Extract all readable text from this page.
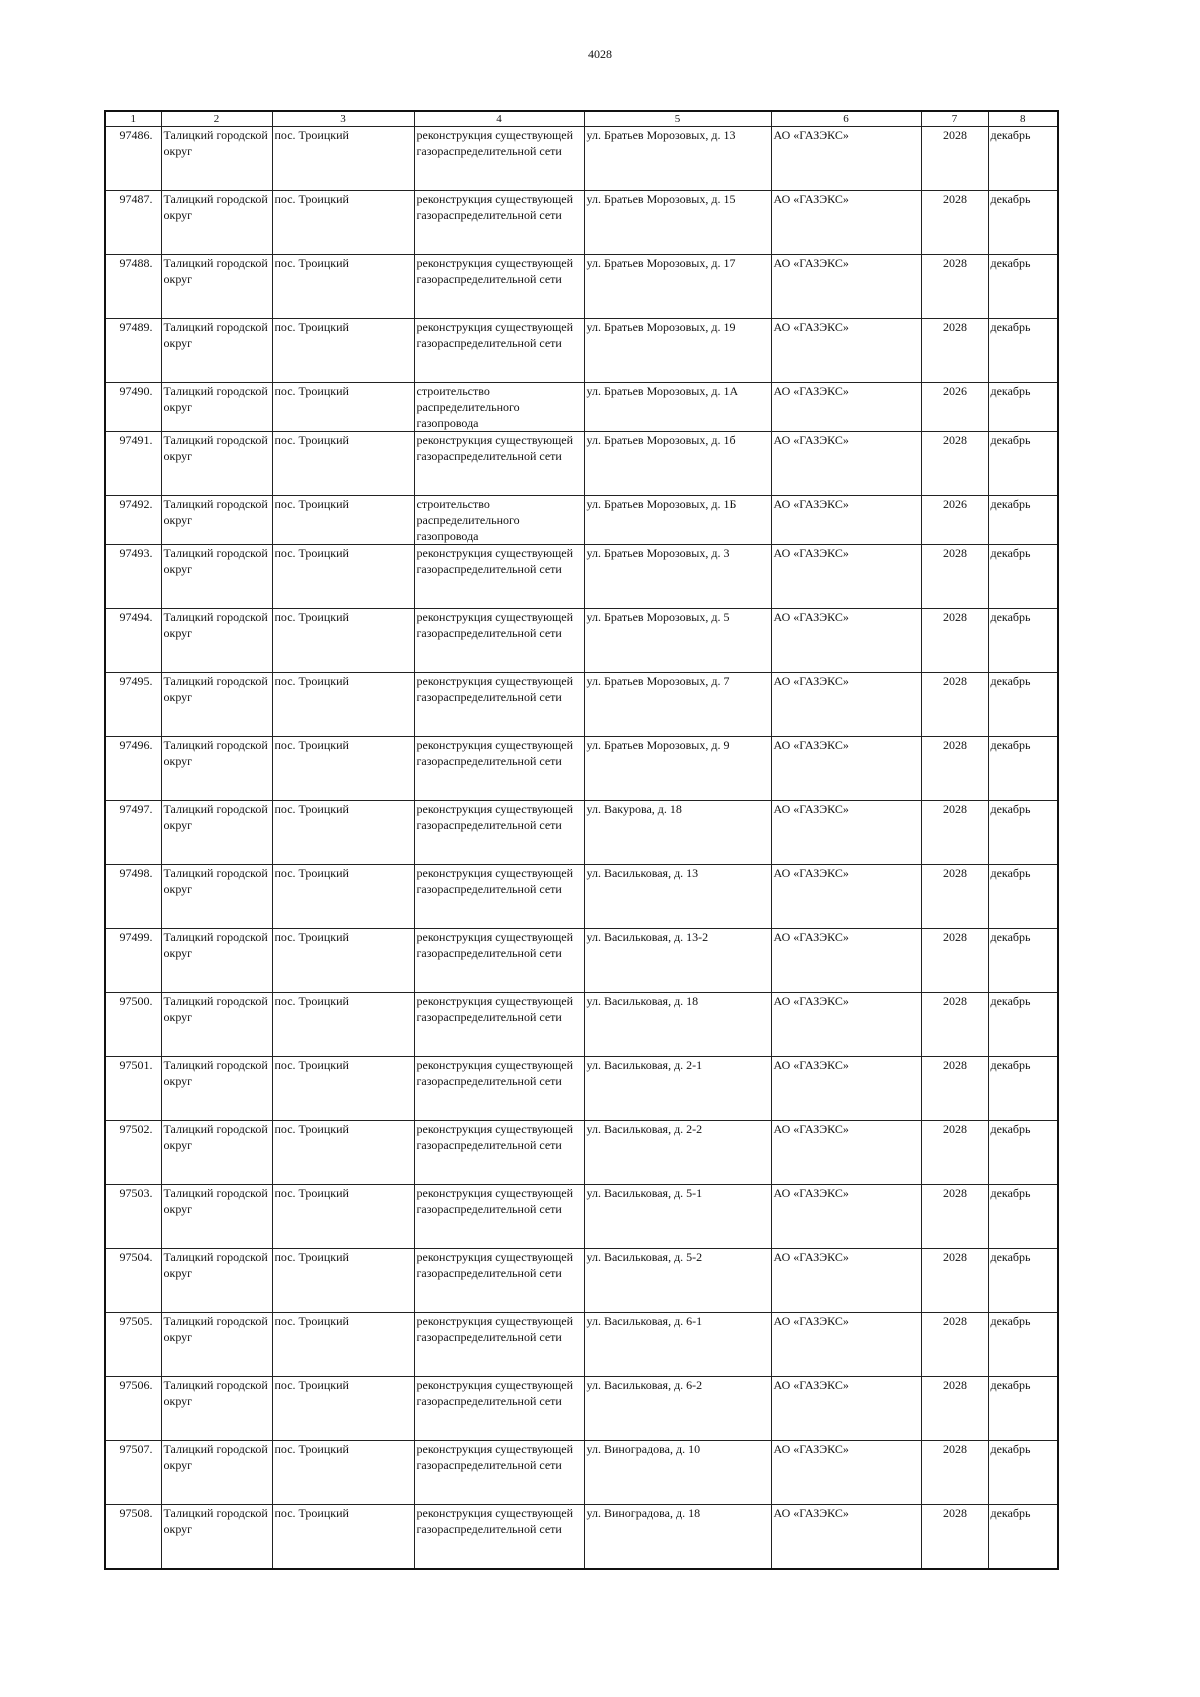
4028
1	2	3	4	5	6	7	8
97486.	Талицкий городской округ	пос. Троицкий	реконструкция существующей газораспределительной сети	ул. Братьев Морозовых, д. 13	АО «ГАЗЭКС»	2028	декабрь
97487.	Талицкий городской округ	пос. Троицкий	реконструкция существующей газораспределительной сети	ул. Братьев Морозовых, д. 15	АО «ГАЗЭКС»	2028	декабрь
97488.	Талицкий городской округ	пос. Троицкий	реконструкция существующей газораспределительной сети	ул. Братьев Морозовых, д. 17	АО «ГАЗЭКС»	2028	декабрь
97489.	Талицкий городской округ	пос. Троицкий	реконструкция существующей газораспределительной сети	ул. Братьев Морозовых, д. 19	АО «ГАЗЭКС»	2028	декабрь
97490.	Талицкий городской округ	пос. Троицкий	строительство распределительного газопровода	ул. Братьев Морозовых, д. 1А	АО «ГАЗЭКС»	2026	декабрь
97491.	Талицкий городской округ	пос. Троицкий	реконструкция существующей газораспределительной сети	ул. Братьев Морозовых, д. 1б	АО «ГАЗЭКС»	2028	декабрь
97492.	Талицкий городской округ	пос. Троицкий	строительство распределительного газопровода	ул. Братьев Морозовых, д. 1Б	АО «ГАЗЭКС»	2026	декабрь
97493.	Талицкий городской округ	пос. Троицкий	реконструкция существующей газораспределительной сети	ул. Братьев Морозовых, д. 3	АО «ГАЗЭКС»	2028	декабрь
97494.	Талицкий городской округ	пос. Троицкий	реконструкция существующей газораспределительной сети	ул. Братьев Морозовых, д. 5	АО «ГАЗЭКС»	2028	декабрь
97495.	Талицкий городской округ	пос. Троицкий	реконструкция существующей газораспределительной сети	ул. Братьев Морозовых, д. 7	АО «ГАЗЭКС»	2028	декабрь
97496.	Талицкий городской округ	пос. Троицкий	реконструкция существующей газораспределительной сети	ул. Братьев Морозовых, д. 9	АО «ГАЗЭКС»	2028	декабрь
97497.	Талицкий городской округ	пос. Троицкий	реконструкция существующей газораспределительной сети	ул. Вакурова, д. 18	АО «ГАЗЭКС»	2028	декабрь
97498.	Талицкий городской округ	пос. Троицкий	реконструкция существующей газораспределительной сети	ул. Васильковая, д. 13	АО «ГАЗЭКС»	2028	декабрь
97499.	Талицкий городской округ	пос. Троицкий	реконструкция существующей газораспределительной сети	ул. Васильковая, д. 13-2	АО «ГАЗЭКС»	2028	декабрь
97500.	Талицкий городской округ	пос. Троицкий	реконструкция существующей газораспределительной сети	ул. Васильковая, д. 18	АО «ГАЗЭКС»	2028	декабрь
97501.	Талицкий городской округ	пос. Троицкий	реконструкция существующей газораспределительной сети	ул. Васильковая, д. 2-1	АО «ГАЗЭКС»	2028	декабрь
97502.	Талицкий городской округ	пос. Троицкий	реконструкция существующей газораспределительной сети	ул. Васильковая, д. 2-2	АО «ГАЗЭКС»	2028	декабрь
97503.	Талицкий городской округ	пос. Троицкий	реконструкция существующей газораспределительной сети	ул. Васильковая, д. 5-1	АО «ГАЗЭКС»	2028	декабрь
97504.	Талицкий городской округ	пос. Троицкий	реконструкция существующей газораспределительной сети	ул. Васильковая, д. 5-2	АО «ГАЗЭКС»	2028	декабрь
97505.	Талицкий городской округ	пос. Троицкий	реконструкция существующей газораспределительной сети	ул. Васильковая, д. 6-1	АО «ГАЗЭКС»	2028	декабрь
97506.	Талицкий городской округ	пос. Троицкий	реконструкция существующей газораспределительной сети	ул. Васильковая, д. 6-2	АО «ГАЗЭКС»	2028	декабрь
97507.	Талицкий городской округ	пос. Троицкий	реконструкция существующей газораспределительной сети	ул. Виноградова, д. 10	АО «ГАЗЭКС»	2028	декабрь
97508.	Талицкий городской округ	пос. Троицкий	реконструкция существующей газораспределительной сети	ул. Виноградова, д. 18	АО «ГАЗЭКС»	2028	декабрь
